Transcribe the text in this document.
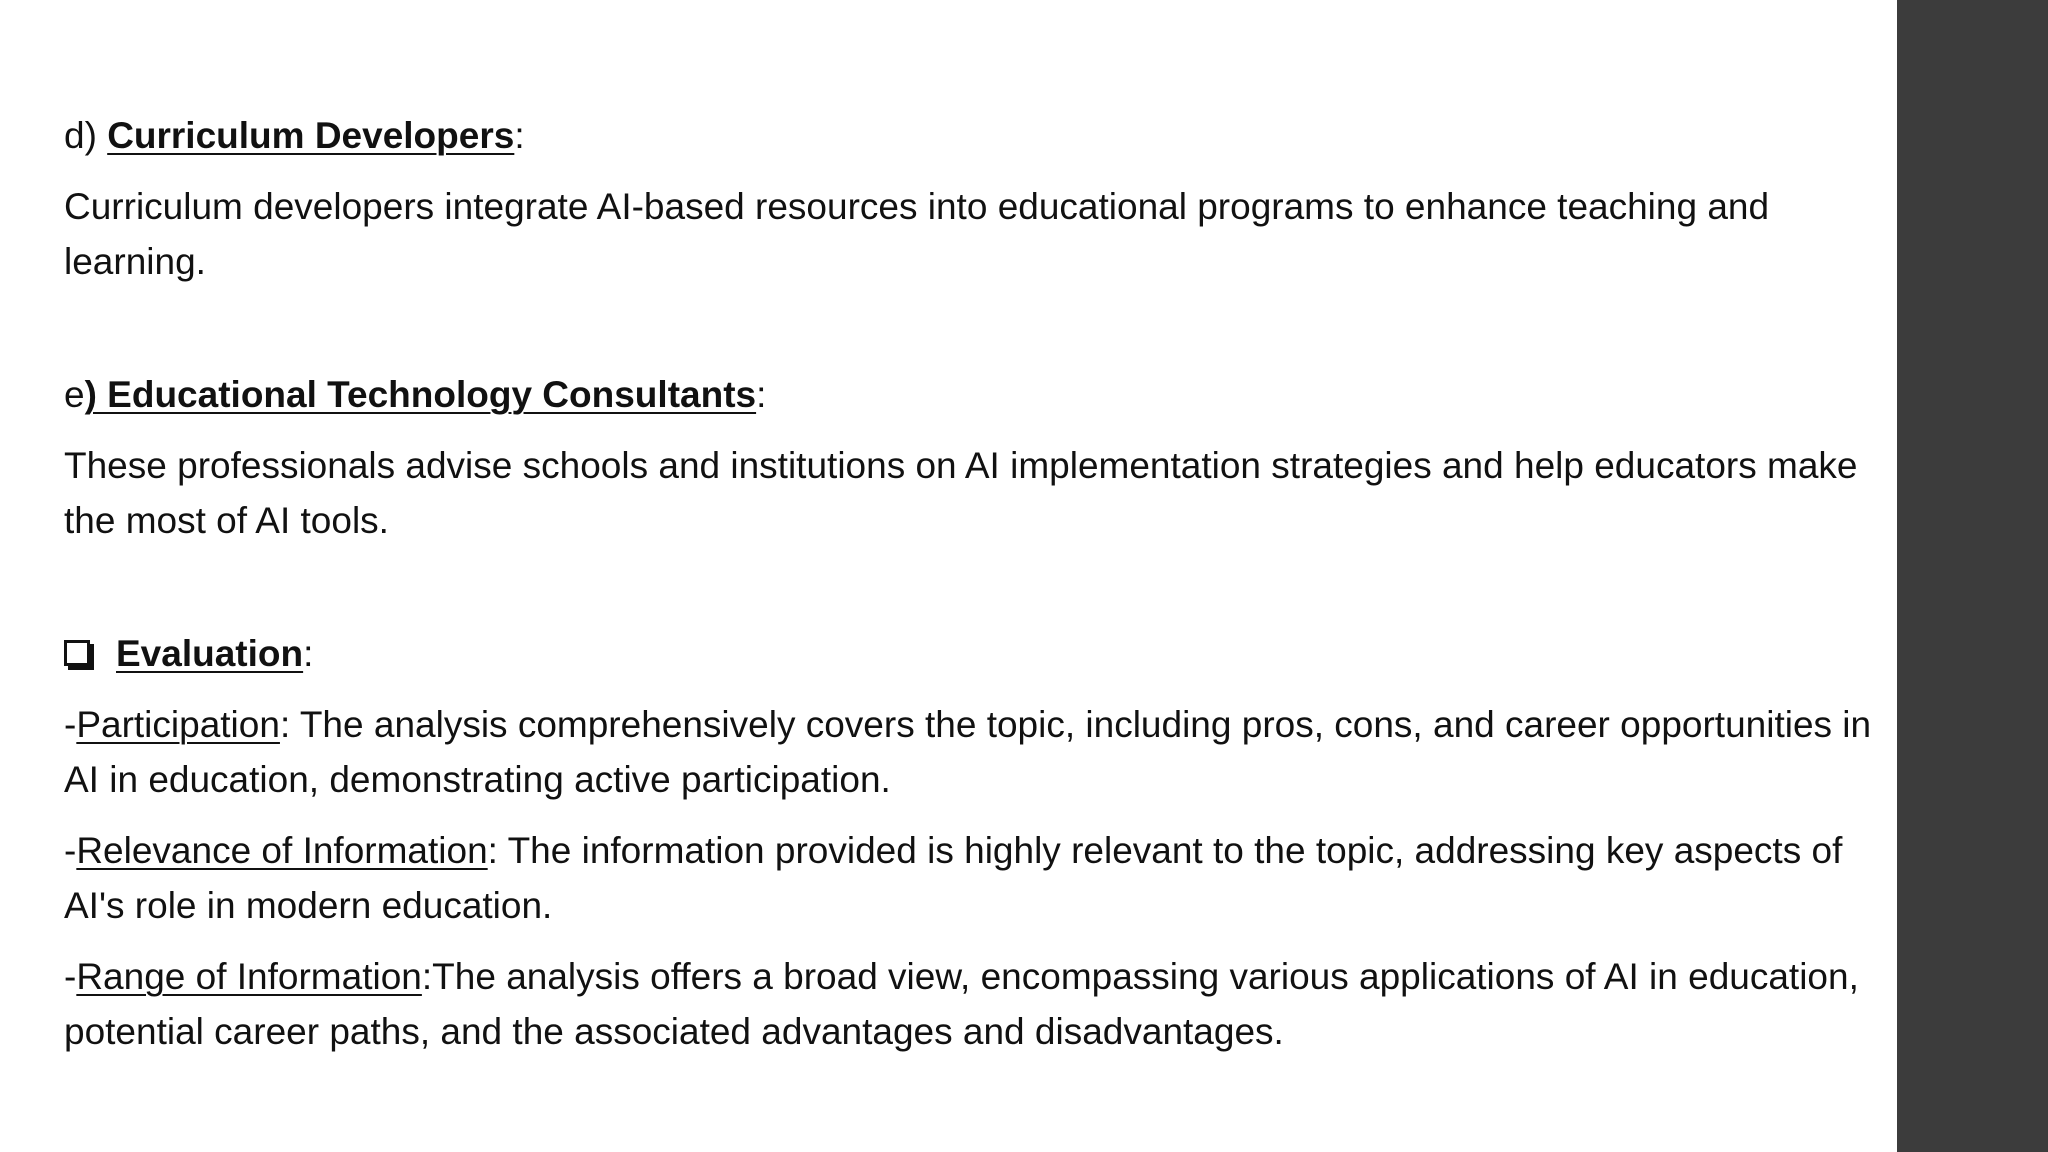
d) Curriculum Developers:

Curriculum developers integrate AI-based resources into educational programs to enhance teaching and learning.

e) Educational Technology Consultants:

These professionals advise schools and institutions on AI implementation strategies and help educators make the most of AI tools.

Evaluation :

-Participation: The analysis comprehensively covers the topic, including pros, cons, and career opportunities in AI in education, demonstrating active participation.

-Relevance of Information: The information provided is highly relevant to the topic, addressing key aspects of AI's role in modern education.

-Range of Information:The analysis offers a broad view, encompassing various applications of AI in education, potential career paths, and the associated advantages and disadvantages.
